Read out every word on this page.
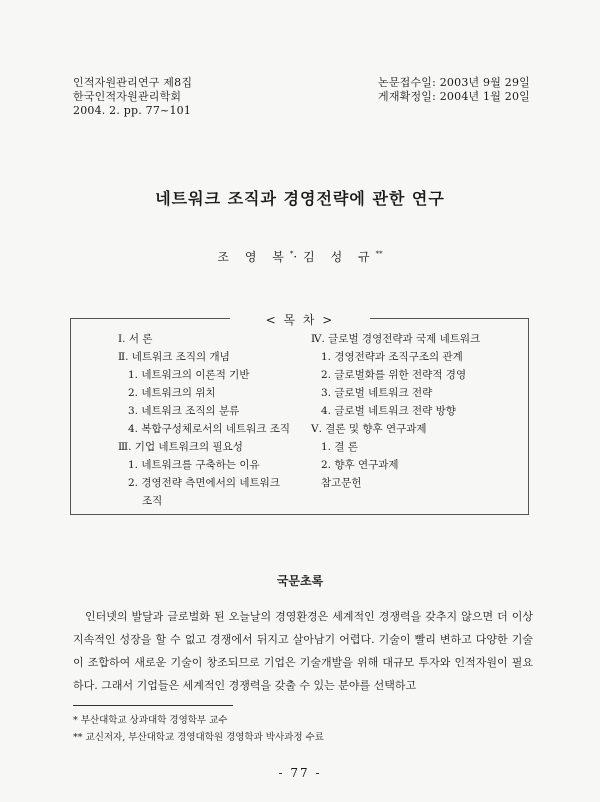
인적자원관리연구 제8집
한국인적자원관리학회
2004. 2. pp. 77~101
논문접수일: 2003년 9월 29일
게재확정일: 2004년 1월 20일
네트워크 조직과 경영전략에 관한 연구
조 영 복*·김 성 규**
< 목 차 >
Ⅰ. 서 론
Ⅱ. 네트워크 조직의 개념
1. 네트워크의 이론적 기반
2. 네트워크의 위치
3. 네트워크 조직의 분류
4. 복합구성체로서의 네트워크 조직
Ⅲ. 기업 네트워크의 필요성
1. 네트워크를 구축하는 이유
2. 경영전략 측면에서의 네트워크
조직
Ⅳ. 글로벌 경영전략과 국제 네트워크
1. 경영전략과 조직구조의 관계
2. 글로벌화를 위한 전략적 경영
3. 글로벌 네트워크 전략
4. 글로벌 네트워크 전략 방향
Ⅴ. 결론 및 향후 연구과제
1. 결 론
2. 향후 연구과제
참고문헌
국문초록

인터넷의 발달과 글로벌화 된 오늘날의 경영환경은 세계적인 경쟁력을 갖추지 않으면 더 이상 지속적인 성장을 할 수 없고 경쟁에서 뒤지고 살아남기 어렵다. 기술이 빨리 변하고 다양한 기술이 조합하여 새로운 기술이 창조되므로 기업은 기술개발을 위해 대규모 투자와 인적자원이 필요하다. 그래서 기업들은 세계적인 경쟁력을 갖출 수 있는 분야를 선택하고

* 부산대학교 상과대학 경영학부 교수
** 교신저자, 부산대학교 경영대학원 경영학과 박사과정 수료
- 77 -
